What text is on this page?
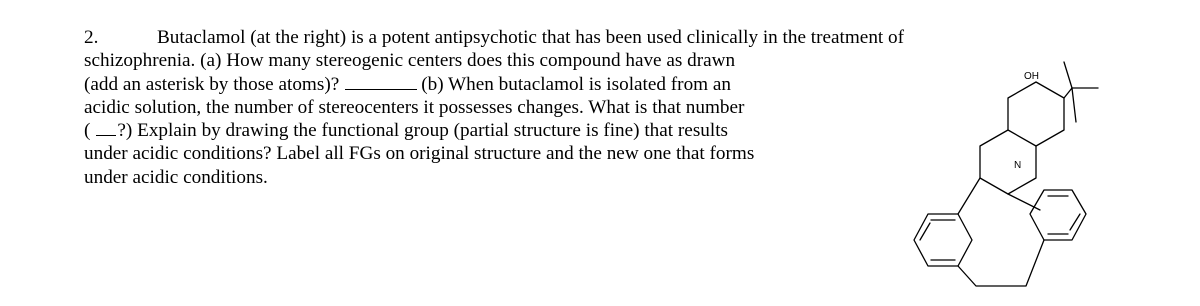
2.	Butaclamol (at the right) is a potent antipsychotic that has been used clinically in the treatment of
schizophrenia. (a) How many stereogenic centers does this compound have as drawn
(add an asterisk by those atoms)?	(b) When butaclamol is isolated from an
acidic solution, the number of stereocenters it possesses changes. What is that number
( ?) Explain by drawing the functional group (partial structure is fine) that results
under acidic conditions? Label all FGs on original structure and the new one that forms
under acidic conditions.
OH
N
